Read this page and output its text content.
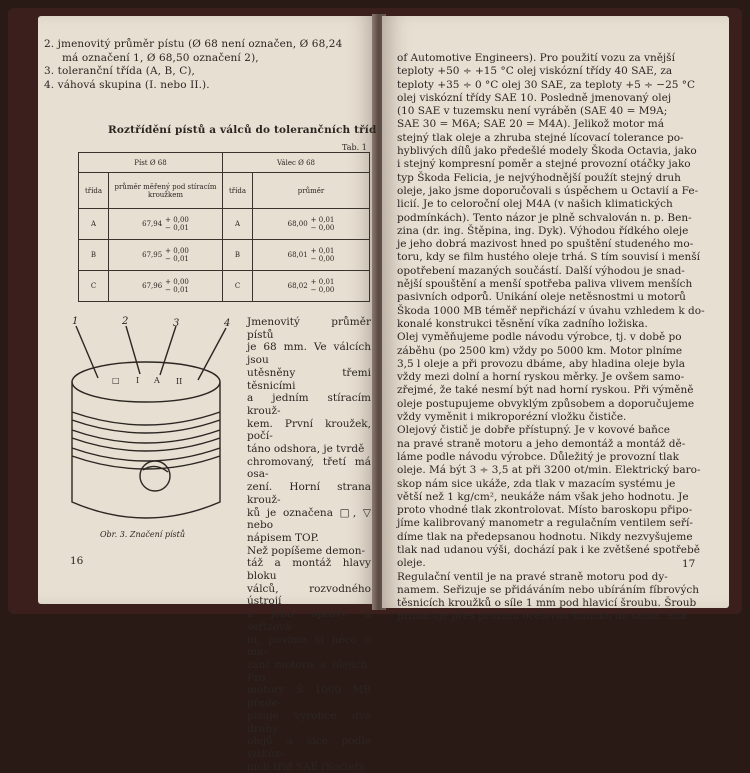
2. jmenovitý průměr pístu (Ø 68 není označen, Ø 68,24
má označení 1, Ø 68,50 označení 2),
3. toleranční třída (A, B, C),
4. váhová skupina (I. nebo II.).
Roztřídění pístů a válců do tolerančních tříd
Tab. 1
Píst Ø 68		Válec Ø 68	
třída	průměr měřený pod stíracím kroužkem	třída	průměr
A	67,94 + 0,00
− 0,01	A	68,00 + 0,01
− 0,00
B	67,95 + 0,00
− 0,01	B	68,01 + 0,01
− 0,00
C	67,96 + 0,00
− 0,01	C	68,02 + 0,01
− 0,00
1	2	3	4
□ I A II
Obr. 3. Značení pístů

Jmenovitý průměr pístů
je 68 mm. Ve válcích jsou
utěsněny třemi těsnicími
a jedním stíracím krouž-
kem. První kroužek, počí-
táno odshora, je tvrdě
chromovaný, třetí má osa-
zení. Horní strana krouž-
ků je označena □, ▽ nebo
nápisem TOP.
Než popíšeme demon-
táž a montáž hlavy bloku
válců, rozvodného ústrojí
a jeho opravy a seřizová-
ní, povíme si něco o ma-
zání motoru a olejích. Pro
motory Š 1000 MB přede-
pisuje výrobce dva druhy
olejů a sice podle viskóz-
ních tříd SAE (Society

16
of Automotive Engineers). Pro použití vozu za vnější
teploty +50 ÷ +15 °C olej viskózní třídy 40 SAE, za
teploty +35 ÷ 0 °C olej 30 SAE, za teploty +5 ÷ −25 °C
olej viskózní třídy SAE 10. Posledně jmenovaný olej
(10 SAE v tuzemsku není vyráběn (SAE 40 = M9A;
SAE 30 = M6A; SAE 20 = M4A). Jelikož motor má
stejný tlak oleje a zhruba stejné lícovací tolerance po-
hyblivých dílů jako předešlé modely Škoda Octavia, jako
i stejný kompresní poměr a stejné provozní otáčky jako
typ Škoda Felicia, je nejvýhodnější použít stejný druh
oleje, jako jsme doporučovali s úspěchem u Octavií a Fe-
licií. Je to celoroční olej M4A (v našich klimatických
podmínkách). Tento názor je plně schvalován n. p. Ben-
zina (dr. ing. Štěpina, ing. Dyk). Výhodou řídkého oleje
je jeho dobrá mazivost hned po spuštění studeného mo-
toru, kdy se film hustého oleje trhá. S tím souvisí i menší
opotřebení mazaných součástí. Další výhodou je snad-
nější spouštění a menší spotřeba paliva vlivem menších
pasivních odporů. Unikání oleje netěsnostmi u motorů
Škoda 1000 MB téměř nepřichází v úvahu vzhledem k do-
konalé konstrukci těsnění víka zadního ložiska.
Olej vyměňujeme podle návodu výrobce, tj. v době po
záběhu (po 2500 km) vždy po 5000 km. Motor plníme
3,5 l oleje a při provozu dbáme, aby hladina oleje byla
vždy mezi dolní a horní ryskou měrky. Je ovšem samo-
zřejmé, že také nesmí být nad horní ryskou. Při výměně
oleje postupujeme obvyklým způsobem a doporučujeme
vždy vyměnit i mikroporézní vložku čističe.
Olejový čistič je dobře přístupný. Je v kovové baňce
na pravé straně motoru a jeho demontáž a montáž dě-
láme podle návodu výrobce. Důležitý je provozní tlak
oleje. Má být 3 ÷ 3,5 at při 3200 ot/min. Elektrický baro-
skop nám sice ukáže, zda tlak v mazacím systému je
větší než 1 kg/cm², neukáže nám však jeho hodnotu. Je
proto vhodné tlak zkontrolovat. Místo baroskopu připo-
jíme kalibrovaný manometr a regulačním ventilem seří-
díme tlak na předepsanou hodnotu. Nikdy nezvyšujeme
tlak nad udanou výši, dochází pak i ke zvětšené spotřebě
oleje.
Regulační ventil je na pravé straně motoru pod dy-
namem. Seřizuje se přidáváním nebo ubíráním fíbrových
těsnicích kroužků o síle 1 mm pod hlavicí šroubu. Šroub
přitlačuje přes pružinu ocelovou kuličku do sedla. Síla
17
